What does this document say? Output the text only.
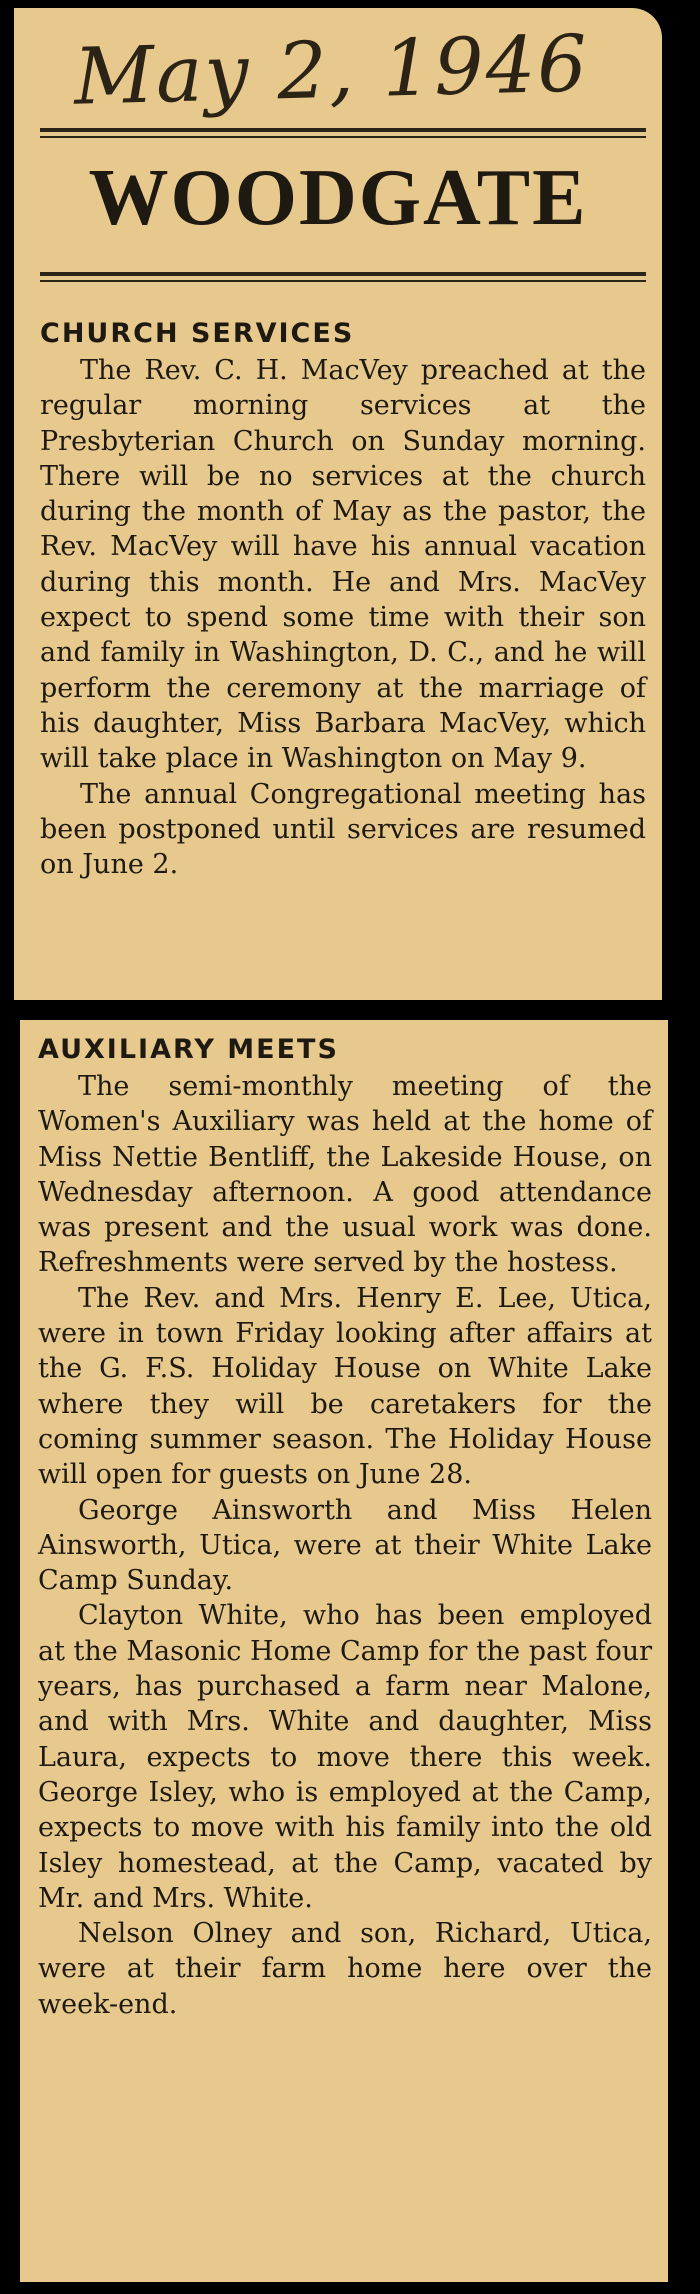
May 2, 1946
WOODGATE
CHURCH SERVICES

The Rev. C. H. MacVey preached at the regular morning services at the Presbyterian Church on Sunday morning. There will be no services at the church during the month of May as the pastor, the Rev. MacVey will have his annual vacation during this month. He and Mrs. MacVey expect to spend some time with their son and family in Washington, D. C., and he will perform the ceremony at the marriage of his daughter, Miss Barbara MacVey, which will take place in Washington on May 9.

The annual Congregational meeting has been postponed until services are resumed on June 2.

AUXILIARY MEETS

The semi-monthly meeting of the Women's Auxiliary was held at the home of Miss Nettie Bentliff, the Lakeside House, on Wednesday afternoon. A good attendance was present and the usual work was done. Refreshments were served by the hostess.

The Rev. and Mrs. Henry E. Lee, Utica, were in town Friday looking after affairs at the G. F.S. Holiday House on White Lake where they will be caretakers for the coming summer season. The Holiday House will open for guests on June 28.

George Ainsworth and Miss Helen Ainsworth, Utica, were at their White Lake Camp Sunday.

Clayton White, who has been employed at the Masonic Home Camp for the past four years, has purchased a farm near Malone, and with Mrs. White and daughter, Miss Laura, expects to move there this week. George Isley, who is employed at the Camp, expects to move with his family into the old Isley homestead, at the Camp, vacated by Mr. and Mrs. White.

Nelson Olney and son, Richard, Utica, were at their farm home here over the week-end.
